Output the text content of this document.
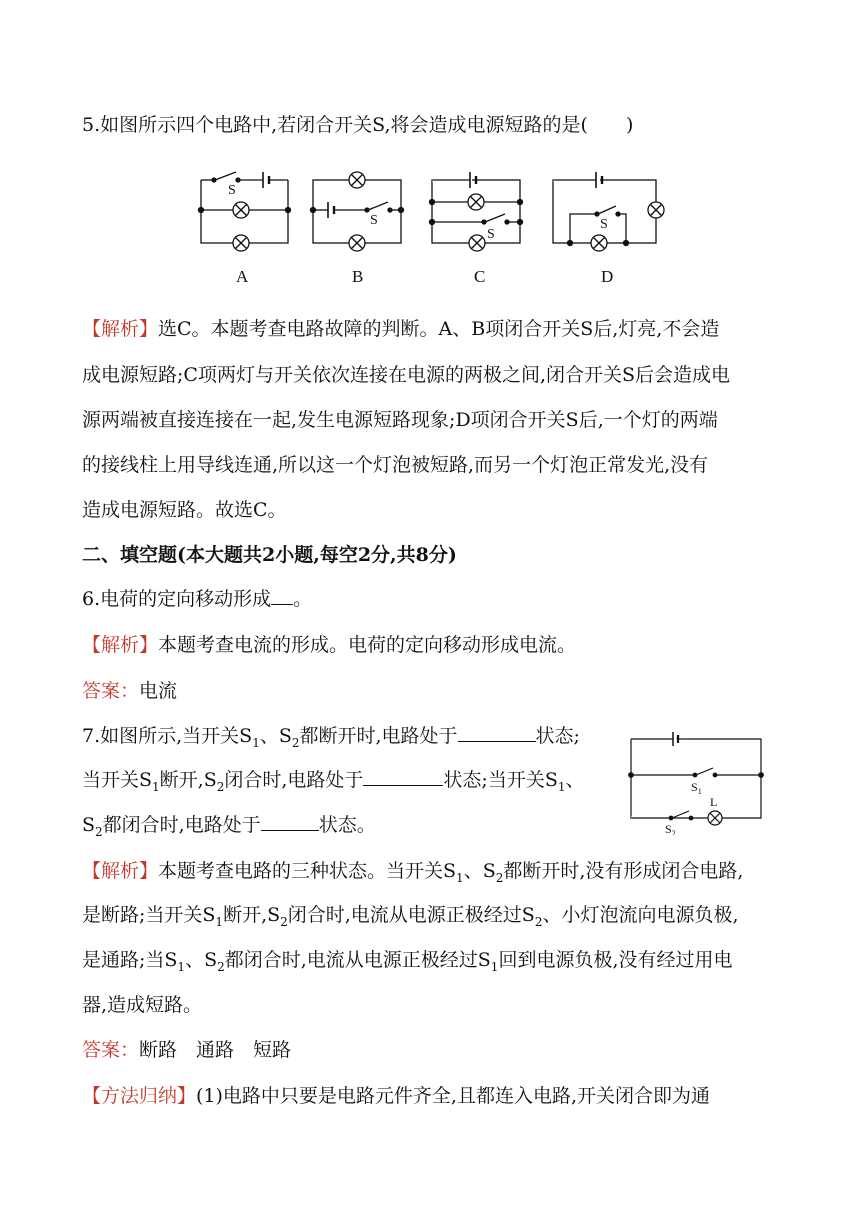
5.如图所示四个电路中,若闭合开关S,将会造成电源短路的是(　　)
S
A
S
B
S
C
S
D
【解析】选C。本题考查电路故障的判断。A、B项闭合开关S后,灯亮,不会造
成电源短路;C项两灯与开关依次连接在电源的两极之间,闭合开关S后会造成电
源两端被直接连接在一起,发生电源短路现象;D项闭合开关S后,一个灯的两端
的接线柱上用导线连通,所以这一个灯泡被短路,而另一个灯泡正常发光,没有
造成电源短路。故选C。
二、填空题(本大题共2小题,每空2分,共8分)
6.电荷的定向移动形成 。
【解析】本题考查电流的形成。电荷的定向移动形成电流。
答案：电流
7.如图所示,当开关$S_1$、$S_2$都断开时,电路处于	状态;
当开关$S_1$断开$,S_2$闭合时,电路处于	状态;当开关$S_1$、
$S_2$都闭合时,电路处于	状态。
$S_1$
$S_2$
L
【解析】本题考查电路的三种状态。当开关$S_1$、$S_2$都断开时,没有形成闭合电路,
是断路;当开关$S_1$断开$,S_2$闭合时,电流从电源正极经过$S_2$、小灯泡流向电源负极,
是通路;当$S_1$、$S_2$都闭合时,电流从电源正极经过$S_1$回到电源负极,没有经过用电
器,造成短路。
答案：断路　通路　短路
【方法归纳】(1)电路中只要是电路元件齐全,且都连入电路,开关闭合即为通
